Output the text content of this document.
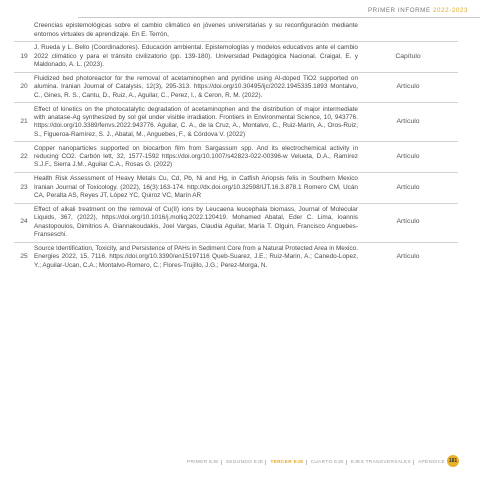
PRIMER INFORME 2022-2023
	Creencias epistemológicas sobre el cambio climático en jóvenes universitarias y su reconfiguración mediante entornos virtuales de aprendizaje. En E. Terrón,	
19	J. Rueda y L. Bello (Coordinadores). Educación ambiental. Epistemologías y modelos educativos ante el cambio 2022 climático y para el tránsito civilizatorio (pp. 139-180). Universidad Pedagógica Nacional. Craigal, E. y Maldonado, A. L. (2023).	Capítulo
20	Fluidized bed photoreactor for the removal of acetaminophen and pyridine using Al-doped TiO2 supported on alumina. Iranian Journal of Catalysis, 12(3), 295-313. https://doi.org/10.30495/ijc/2022.1945335.1893 Montalvo, C., Gines, R. S., Cantu, D., Ruiz, A., Aguilar, C., Perez, I., & Ceron, R. M. (2022).	Artículo
21	Effect of kinetics on the photocatalytic degradation of acetaminophen and the distribution of major intermediate with anatase-Ag synthesized by sol gel under visible irradiation. Frontiers in Environmental Science, 10, 943776. https://doi.org/10.3389/fenvs.2022.943776. Aguilar, C. A., de la Cruz, A., Montalvo, C., Ruiz-Marín, A., Oros-Ruiz, S., Figueroa-Ramírez, S. J., Abatal, M., Anguebes, F., & Córdova V. (2022)	Artículo
22	Copper nanoparticles supported on biocarbon film from Sargassum spp. And its electrochemical activity in reducing CO2. Carbón lett, 32, 1577-1592 https://doi.org/10.1007/s42823-022-00396-w Velueta, D.A., Ramírez S.J.F., Sierra J.M., Aguilar C.A., Rosas G. (2022)	Artículo
23	Health Risk Assessment of Heavy Metals Cu, Cd, Pb, Ni and Hg, in Catfish Ariopsis felis in Southern Mexico Iranian Journal of Toxicology. (2022), 16(3):163-174. http://dx.doi.org/10.32598/IJT.16.3.878.1 Romero CM, Ucán CA, Peralta AS, Reyes JT, López YC, Quiroz VC, Marín AR	Artículo
24	Effect of alkali treatment on the removal of Cu(II) ions by Leucaena leucephala biomass, Journal of Molecular Liquids, 367, (2022), https://doi.org/10.1016/j.molliq.2022.120419. Mohamed Abatal, Eder C. Lima, Ioannis Anastopoulos, Dimitrios A. Giannakoudakis, Joel Vargas, Claudia Aguilar, María T. Olguin, Francisco Anguebes-Franseschi.	Artículo
25	Source Identification, Toxicity, and Persistence of PAHs in Sediment Core from a Natural Protected Area in Mexico. Energies 2022, 15, 7116. https://doi.org/10.3390/en15197116 Queb-Suarez, J.E.; Ruiz-Marin, A.; Canedo-Lopez, Y.; Aguilar-Ucan, C.A.; Montalvo-Romero, C.; Flores-Trujillo, J.G.; Perez-Morga, N.	Artículo
PRIMER EJE	SEGUNDO EJE	TERCER EJE	CUARTO EJE	EJES TRANSVERSALES	APÉNDICE 181
